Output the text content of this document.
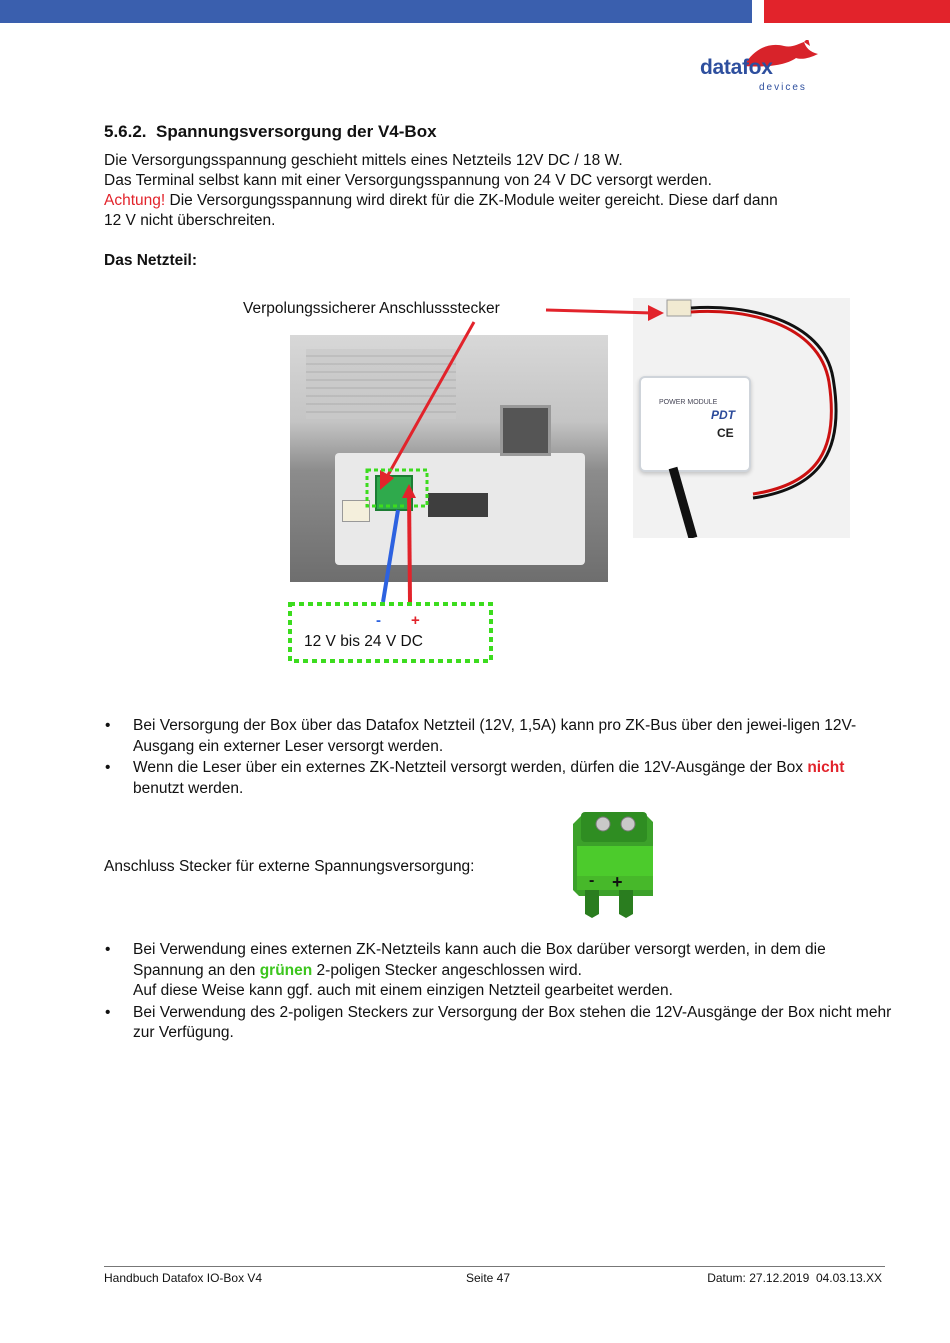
datafox
devices
5.6.2. Spannungsversorgung der V4-Box
Die Versorgungsspannung geschieht mittels eines Netzteils 12V DC / 18 W.
Das Terminal selbst kann mit einer Versorgungsspannung von 24 V DC versorgt werden.
Achtung! Die Versorgungsspannung wird direkt für die ZK-Module weiter gereicht. Diese darf dann
12 V nicht überschreiten.
Das Netzteil:
Verpolungssicherer Anschlussstecker
POWER MODULE
PDT
CE
- +
12 V bis 24 V DC
• Bei Versorgung der Box über das Datafox Netzteil (12V, 1,5A) kann pro ZK-Bus über den jewei-ligen 12V-Ausgang ein externer Leser versorgt werden.
• Wenn die Leser über ein externes ZK-Netzteil versorgt werden, dürfen die 12V-Ausgänge der Box nicht benutzt werden.
Anschluss Stecker für externe Spannungsversorgung:
- +
• Bei Verwendung eines externen ZK-Netzteils kann auch die Box darüber versorgt werden, in dem die Spannung an den grünen 2-poligen Stecker angeschlossen wird.
Auf diese Weise kann ggf. auch mit einem einzigen Netzteil gearbeitet werden.
• Bei Verwendung des 2-poligen Steckers zur Versorgung der Box stehen die 12V-Ausgänge der Box nicht mehr zur Verfügung.
Handbuch Datafox IO-Box V4	Seite 47	Datum: 27.12.2019  04.03.13.XX
